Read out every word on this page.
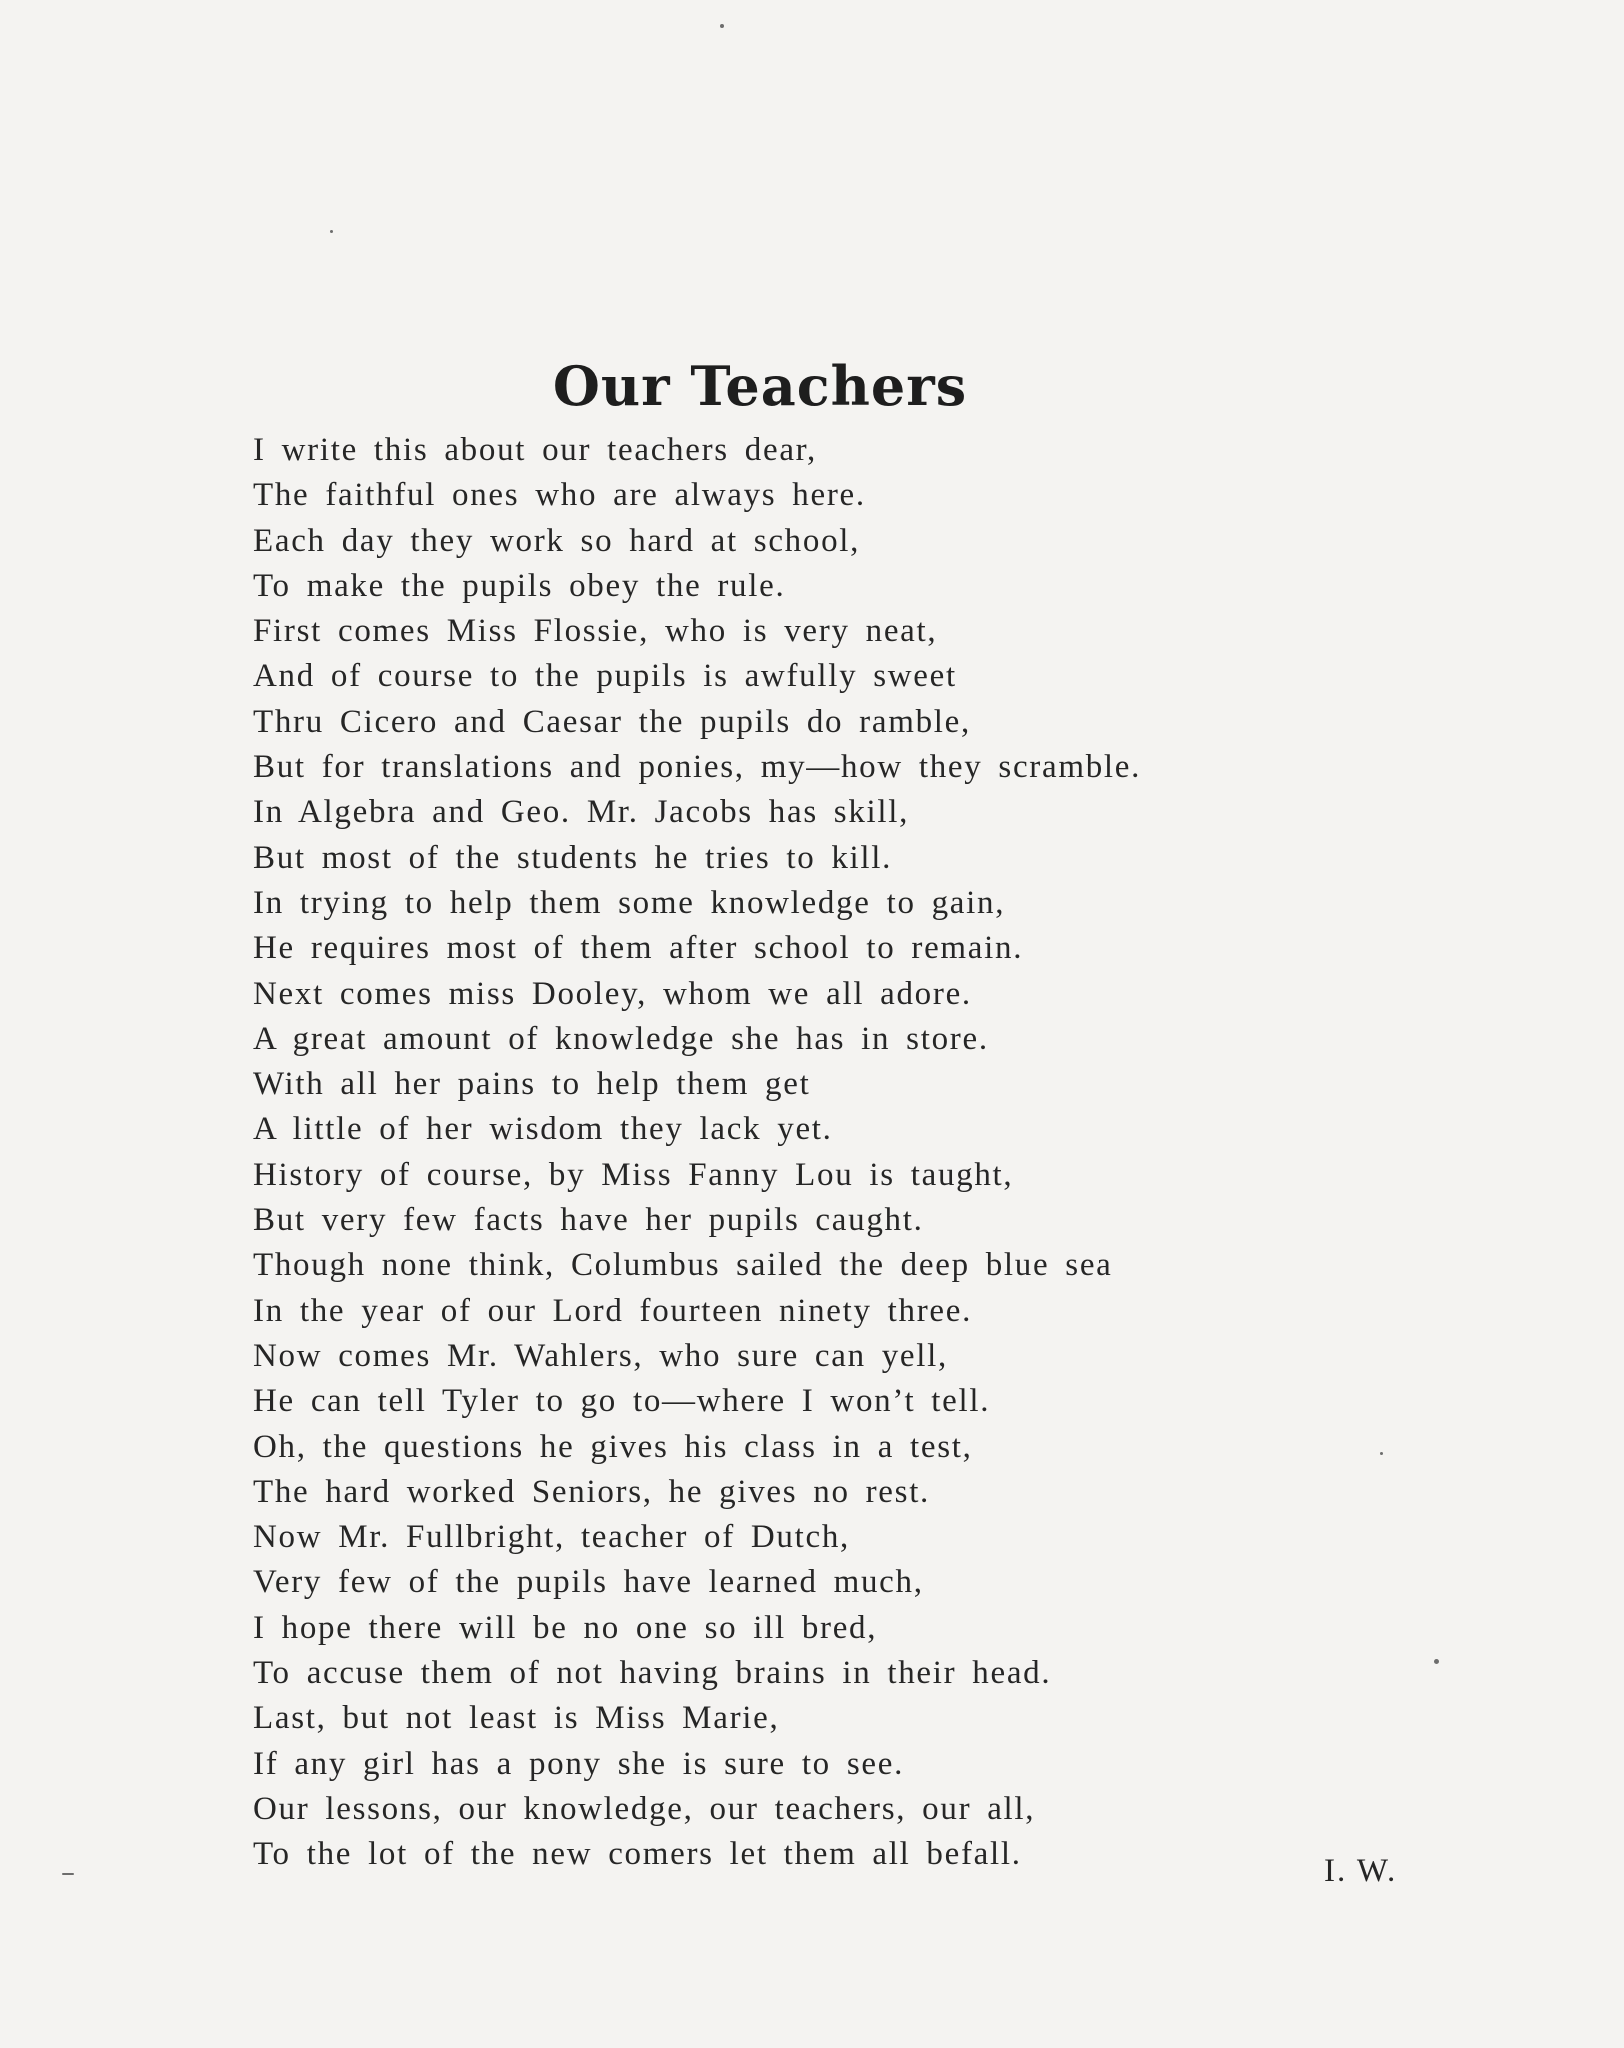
Our Teachers
I write this about our teachers dear,
The faithful ones who are always here.
Each day they work so hard at school,
To make the pupils obey the rule.
First comes Miss Flossie, who is very neat,
And of course to the pupils is awfully sweet
Thru Cicero and Caesar the pupils do ramble,
But for translations and ponies, my—how they scramble.
In Algebra and Geo. Mr. Jacobs has skill,
But most of the students he tries to kill.
In trying to help them some knowledge to gain,
He requires most of them after school to remain.
Next comes miss Dooley, whom we all adore.
A great amount of knowledge she has in store.
With all her pains to help them get
A little of her wisdom they lack yet.
History of course, by Miss Fanny Lou is taught,
But very few facts have her pupils caught.
Though none think, Columbus sailed the deep blue sea
In the year of our Lord fourteen ninety three.
Now comes Mr. Wahlers, who sure can yell,
He can tell Tyler to go to—where I won’t tell.
Oh, the questions he gives his class in a test,
The hard worked Seniors, he gives no rest.
Now Mr. Fullbright, teacher of Dutch,
Very few of the pupils have learned much,
I hope there will be no one so ill bred,
To accuse them of not having brains in their head.
Last, but not least is Miss Marie,
If any girl has a pony she is sure to see.
Our lessons, our knowledge, our teachers, our all,
To the lot of the new comers let them all befall.	I. W.
